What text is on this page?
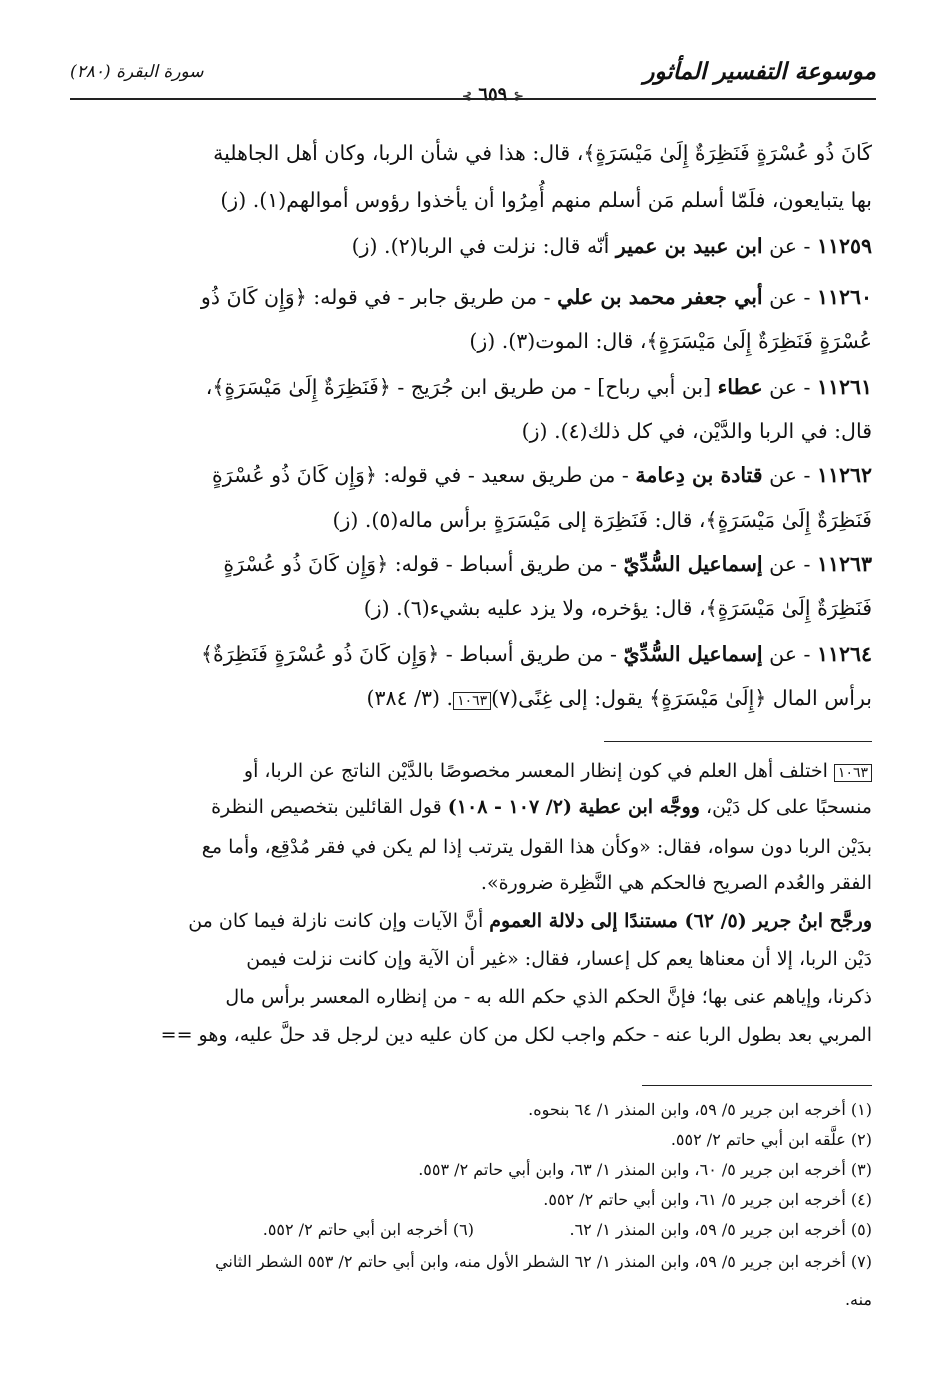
موسوعة التفسير المأثور
⊰ ٦٥٩ ⊱
سورة البقرة (٢٨٠)
كَانَ ذُو عُسْرَةٍ فَنَظِرَةٌ إِلَىٰ مَيْسَرَةٍ﴾، قال: هذا في شأن الربا، وكان أهل الجاهلية
بها يتبايعون، فلَمّا أسلم مَن أسلم منهم أُمِرُوا أن يأخذوا رؤوس أموالهم(١). (ز)
١١٢٥٩ - عن ابن عبيد بن عمير أنّه قال: نزلت في الربا(٢). (ز)
١١٢٦٠ - عن أبي جعفر محمد بن علي - من طريق جابر - في قوله: ﴿وَإِن كَانَ ذُو
عُسْرَةٍ فَنَظِرَةٌ إِلَىٰ مَيْسَرَةٍ﴾، قال: الموت(٣). (ز)
١١٢٦١ - عن عطاء [بن أبي رباح] - من طريق ابن جُرَيج - ﴿فَنَظِرَةٌ إِلَىٰ مَيْسَرَةٍ﴾،
قال: في الربا والدَّيْن، في كل ذلك(٤). (ز)
١١٢٦٢ - عن قتادة بن دِعامة - من طريق سعيد - في قوله: ﴿وَإِن كَانَ ذُو عُسْرَةٍ
فَنَظِرَةٌ إِلَىٰ مَيْسَرَةٍ﴾، قال: فَنَظِرَة إلى مَيْسَرَةٍ برأس ماله(٥). (ز)
١١٢٦٣ - عن إسماعيل السُّدِّيّ - من طريق أسباط - قوله: ﴿وَإِن كَانَ ذُو عُسْرَةٍ
فَنَظِرَةٌ إِلَىٰ مَيْسَرَةٍ﴾، قال: يؤخره، ولا يزد عليه بشيء(٦). (ز)
١١٢٦٤ - عن إسماعيل السُّدِّيّ - من طريق أسباط - ﴿وَإِن كَانَ ذُو عُسْرَةٍ فَنَظِرَةٌ﴾
برأس المال ﴿إِلَىٰ مَيْسَرَةٍ﴾ يقول: إلى غِنًى(٧)١٠٦٣. (٣/ ٣٨٤)
١٠٦٣ اختلف أهل العلم في كون إنظار المعسر مخصوصًا بالدَّيْن الناتج عن الربا، أو
منسحبًا على كل دَيْن، ووجَّه ابن عطية (٢/ ١٠٧ - ١٠٨) قول القائلين بتخصيص النظرة
بدَيْن الربا دون سواه، فقال: «وكأن هذا القول يترتب إذا لم يكن في فقر مُدْقِع، وأما مع
الفقر والعُدم الصريح فالحكم هي النَّظِرة ضرورة».
ورجَّح ابنُ جرير (٥/ ٦٢) مستندًا إلى دلالة العموم أنَّ الآيات وإن كانت نازلة فيما كان من
دَيْن الربا، إلا أن معناها يعم كل إعسار، فقال: «غير أن الآية وإن كانت نزلت فيمن
ذكرنا، وإياهم عنى بها؛ فإنَّ الحكم الذي حكم الله به - من إنظاره المعسر برأس مال
المربي بعد بطول الربا عنه - حكم واجب لكل من كان عليه دين لرجل قد حلَّ عليه، وهو ==
(١) أخرجه ابن جرير ٥/ ٥٩، وابن المنذر ١/ ٦٤ بنحوه.
(٢) علَّقه ابن أبي حاتم ٢/ ٥٥٢.
(٣) أخرجه ابن جرير ٥/ ٦٠، وابن المنذر ١/ ٦٣، وابن أبي حاتم ٢/ ٥٥٣.
(٤) أخرجه ابن جرير ٥/ ٦١، وابن أبي حاتم ٢/ ٥٥٢.
(٥) أخرجه ابن جرير ٥/ ٥٩، وابن المنذر ١/ ٦٢.
(٦) أخرجه ابن أبي حاتم ٢/ ٥٥٢.
(٧) أخرجه ابن جرير ٥/ ٥٩، وابن المنذر ١/ ٦٢ الشطر الأول منه، وابن أبي حاتم ٢/ ٥٥٣ الشطر الثاني
منه.
